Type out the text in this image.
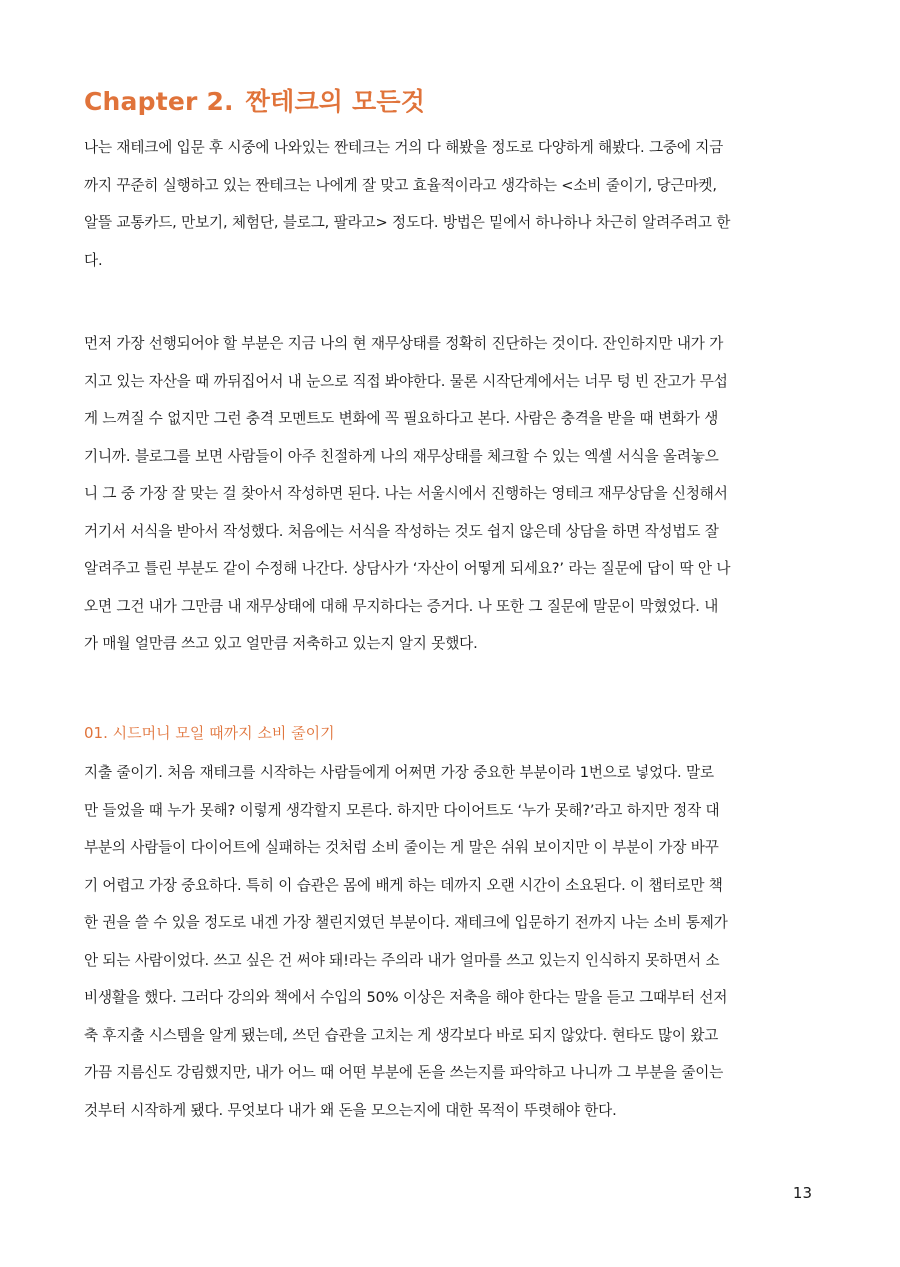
Chapter 2. 짠테크의 모든것
나는 재테크에 입문 후 시중에 나와있는 짠테크는 거의 다 해봤을 정도로 다양하게 해봤다. 그중에 지금
까지 꾸준히 실행하고 있는 짠테크는 나에게 잘 맞고 효율적이라고 생각하는 <소비 줄이기, 당근마켓,
알뜰 교통카드, 만보기, 체험단, 블로그, 팔라고> 정도다. 방법은 밑에서 하나하나 차근히 알려주려고 한
다.
먼저 가장 선행되어야 할 부분은 지금 나의 현 재무상태를 정확히 진단하는 것이다. 잔인하지만 내가 가
지고 있는 자산을 때 까뒤집어서 내 눈으로 직접 봐야한다. 물론 시작단계에서는 너무 텅 빈 잔고가 무섭
게 느껴질 수 없지만 그런 충격 모멘트도 변화에 꼭 필요하다고 본다. 사람은 충격을 받을 때 변화가 생
기니까. 블로그를 보면 사람들이 아주 친절하게 나의 재무상태를 체크할 수 있는 엑셀 서식을 올려놓으
니 그 중 가장 잘 맞는 걸 찾아서 작성하면 된다. 나는 서울시에서 진행하는 영테크 재무상담을 신청해서
거기서 서식을 받아서 작성했다. 처음에는 서식을 작성하는 것도 쉽지 않은데 상담을 하면 작성법도 잘
알려주고 틀린 부분도 같이 수정해 나간다. 상담사가 ‘자산이 어떻게 되세요?’ 라는 질문에 답이 딱 안 나
오면 그건 내가 그만큼 내 재무상태에 대해 무지하다는 증거다. 나 또한 그 질문에 말문이 막혔었다. 내
가 매월 얼만큼 쓰고 있고 얼만큼 저축하고 있는지 알지 못했다.
01. 시드머니 모일 때까지 소비 줄이기
지출 줄이기. 처음 재테크를 시작하는 사람들에게 어쩌면 가장 중요한 부분이라 1번으로 넣었다. 말로
만 들었을 때 누가 못해? 이렇게 생각할지 모른다. 하지만 다이어트도 ‘누가 못해?’라고 하지만 정작 대
부분의 사람들이 다이어트에 실패하는 것처럼 소비 줄이는 게 말은 쉬워 보이지만 이 부분이 가장 바꾸
기 어렵고 가장 중요하다. 특히 이 습관은 몸에 배게 하는 데까지 오랜 시간이 소요된다. 이 챕터로만 책
한 권을 쓸 수 있을 정도로 내겐 가장 챌린지였던 부분이다. 재테크에 입문하기 전까지 나는 소비 통제가
안 되는 사람이었다. 쓰고 싶은 건 써야 돼!라는 주의라 내가 얼마를 쓰고 있는지 인식하지 못하면서 소
비생활을 했다. 그러다 강의와 책에서 수입의 50% 이상은 저축을 해야 한다는 말을 듣고 그때부터 선저
축 후지출 시스템을 알게 됐는데, 쓰던 습관을 고치는 게 생각보다 바로 되지 않았다. 현타도 많이 왔고
가끔 지름신도 강림했지만, 내가 어느 때 어떤 부분에 돈을 쓰는지를 파악하고 나니까 그 부분을 줄이는
것부터 시작하게 됐다. 무엇보다 내가 왜 돈을 모으는지에 대한 목적이 뚜렷해야 한다.
13
